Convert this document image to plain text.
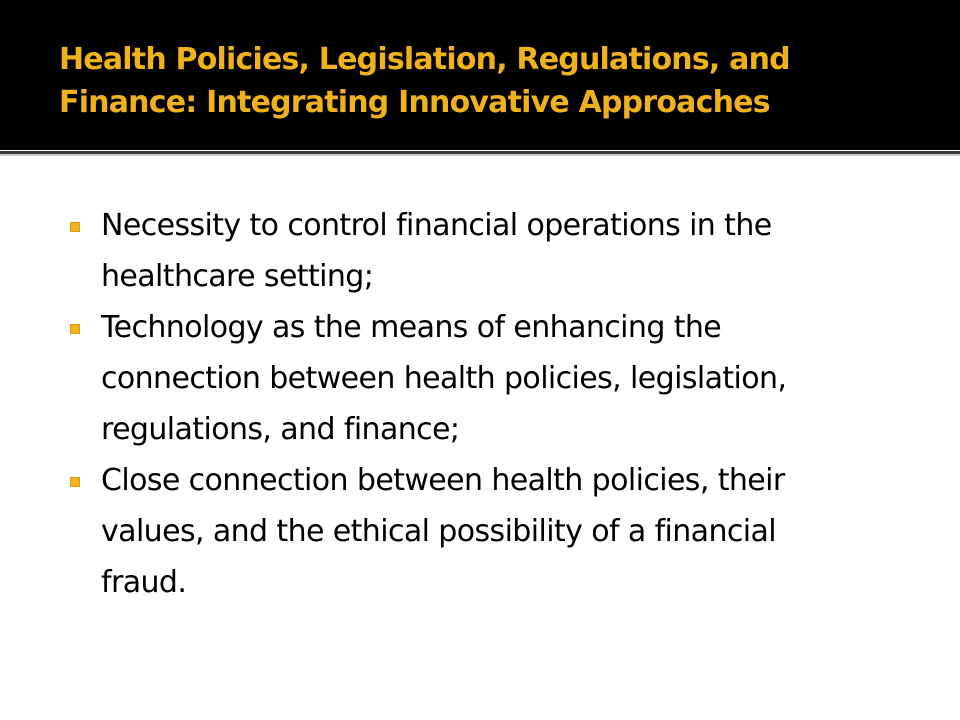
Health Policies, Legislation, Regulations, and Finance: Integrating Innovative Approaches
Necessity to control financial operations in the healthcare setting;
Technology as the means of enhancing the connection between health policies, legislation, regulations, and finance;
Close connection between health policies, their values, and the ethical possibility of a financial fraud.
